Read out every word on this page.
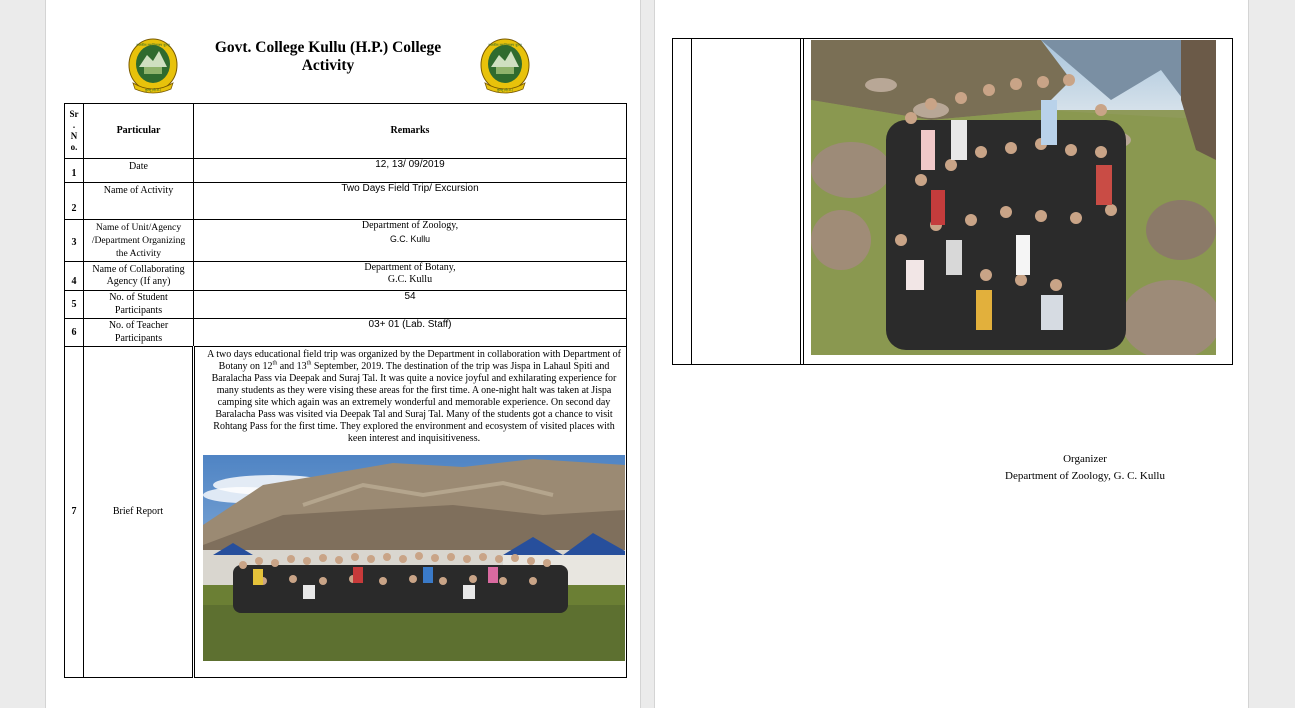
राजकीय महाविद्यालय कुल्लू
कुल्लू (हि.प्र.)
Govt. College Kullu (H.P.) College
Activity
राजकीय महाविद्यालय कुल्लू
कुल्लू (हि.प्र.)
Sr
.
N
o.	Particular	Remarks
1	Date	12, 13/ 09/2019
2	Name of Activity	Two Days Field Trip/ Excursion
3	Name of Unit/Agency /Department Organizing the Activity	Department of Zoology,
G.C. Kullu

4	Name of Collaborating Agency (If any)	Department of Botany,
G.C. Kullu

5	No. of Student Participants	54
6	No. of Teacher Participants	03+ 01 (Lab. Staff)
7	Brief Report	A two days educational field trip was organized by the Department in collaboration with Department of Botany on 12th and 13th September, 2019. The destination of the trip was Jispa in Lahaul Spiti and Baralacha Pass via Deepak and Suraj Tal. It was quite a novice joyful and exhilarating experience for many students as they were vising these areas for the first time. A one-night halt was taken at Jispa camping site which again was an extremely wonderful and memorable experience. On second day Baralacha Pass was visited via Deepak Tal and Suraj Tal. Many of the students got a chance to visit Rohtang Pass for the first time. They explored the environment and ecosystem of visited places with keen interest and inquisitiveness.
Organizer
Department of Zoology, G. C. Kullu
